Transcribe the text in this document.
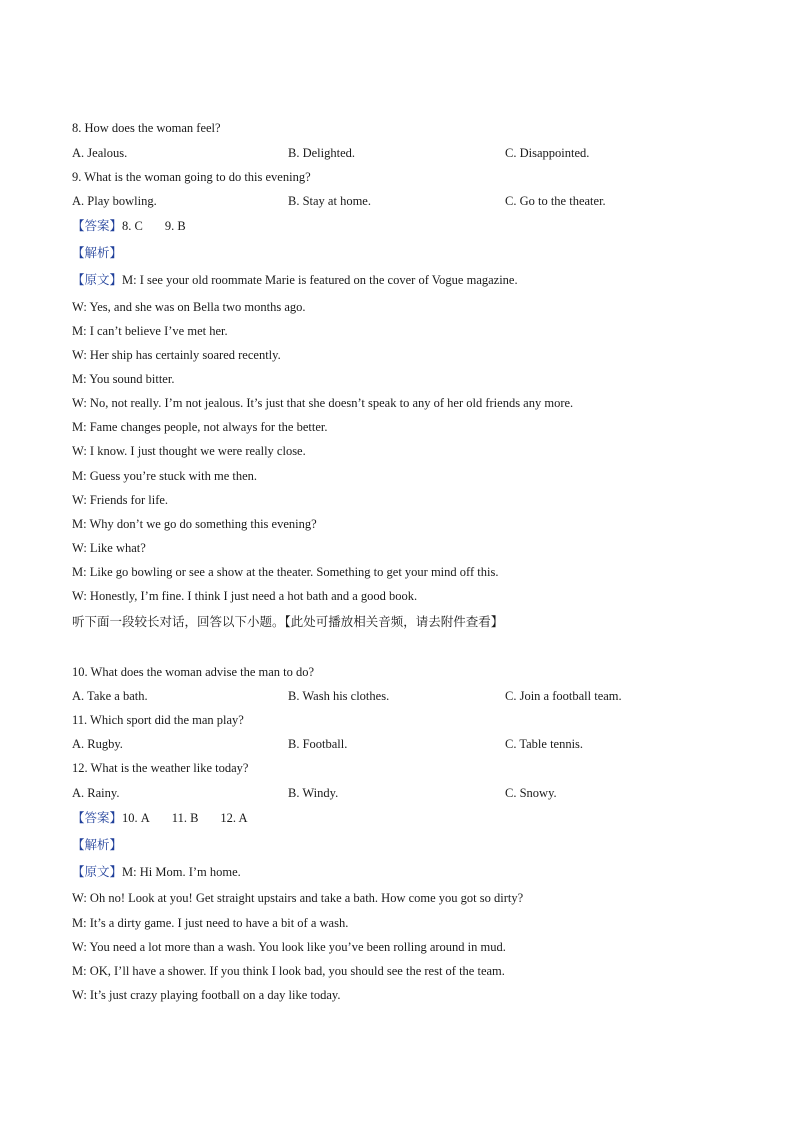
8. How does the woman feel?
A. Jealous.	B. Delighted.	C. Disappointed.
9. What is the woman going to do this evening?
A. Play bowling.	B. Stay at home.	C. Go to the theater.
【答案】8. C 9. B
【解析】
【原文】M: I see your old roommate Marie is featured on the cover of Vogue magazine.
W: Yes, and she was on Bella two months ago.
M: I can’t believe I’ve met her.
W: Her ship has certainly soared recently.
M: You sound bitter.
W: No, not really. I’m not jealous. It’s just that she doesn’t speak to any of her old friends any more.
M: Fame changes people, not always for the better.
W: I know. I just thought we were really close.
M: Guess you’re stuck with me then.
W: Friends for life.
M: Why don’t we go do something this evening?
W: Like what?
M: Like go bowling or see a show at the theater. Something to get your mind off this.
W: Honestly, I’m fine. I think I just need a hot bath and a good book.
听下面一段较长对话，回答以下小题。【此处可播放相关音频，请去附件查看】
10. What does the woman advise the man to do?
A. Take a bath.	B. Wash his clothes.	C. Join a football team.
11. Which sport did the man play?
A. Rugby.	B. Football.	C. Table tennis.
12. What is the weather like today?
A. Rainy.	B. Windy.	C. Snowy.
【答案】10. A 11. B 12. A
【解析】
【原文】M: Hi Mom. I’m home.
W: Oh no! Look at you! Get straight upstairs and take a bath. How come you got so dirty?
M: It’s a dirty game. I just need to have a bit of a wash.
W: You need a lot more than a wash. You look like you’ve been rolling around in mud.
M: OK, I’ll have a shower. If you think I look bad, you should see the rest of the team.
W: It’s just crazy playing football on a day like today.
